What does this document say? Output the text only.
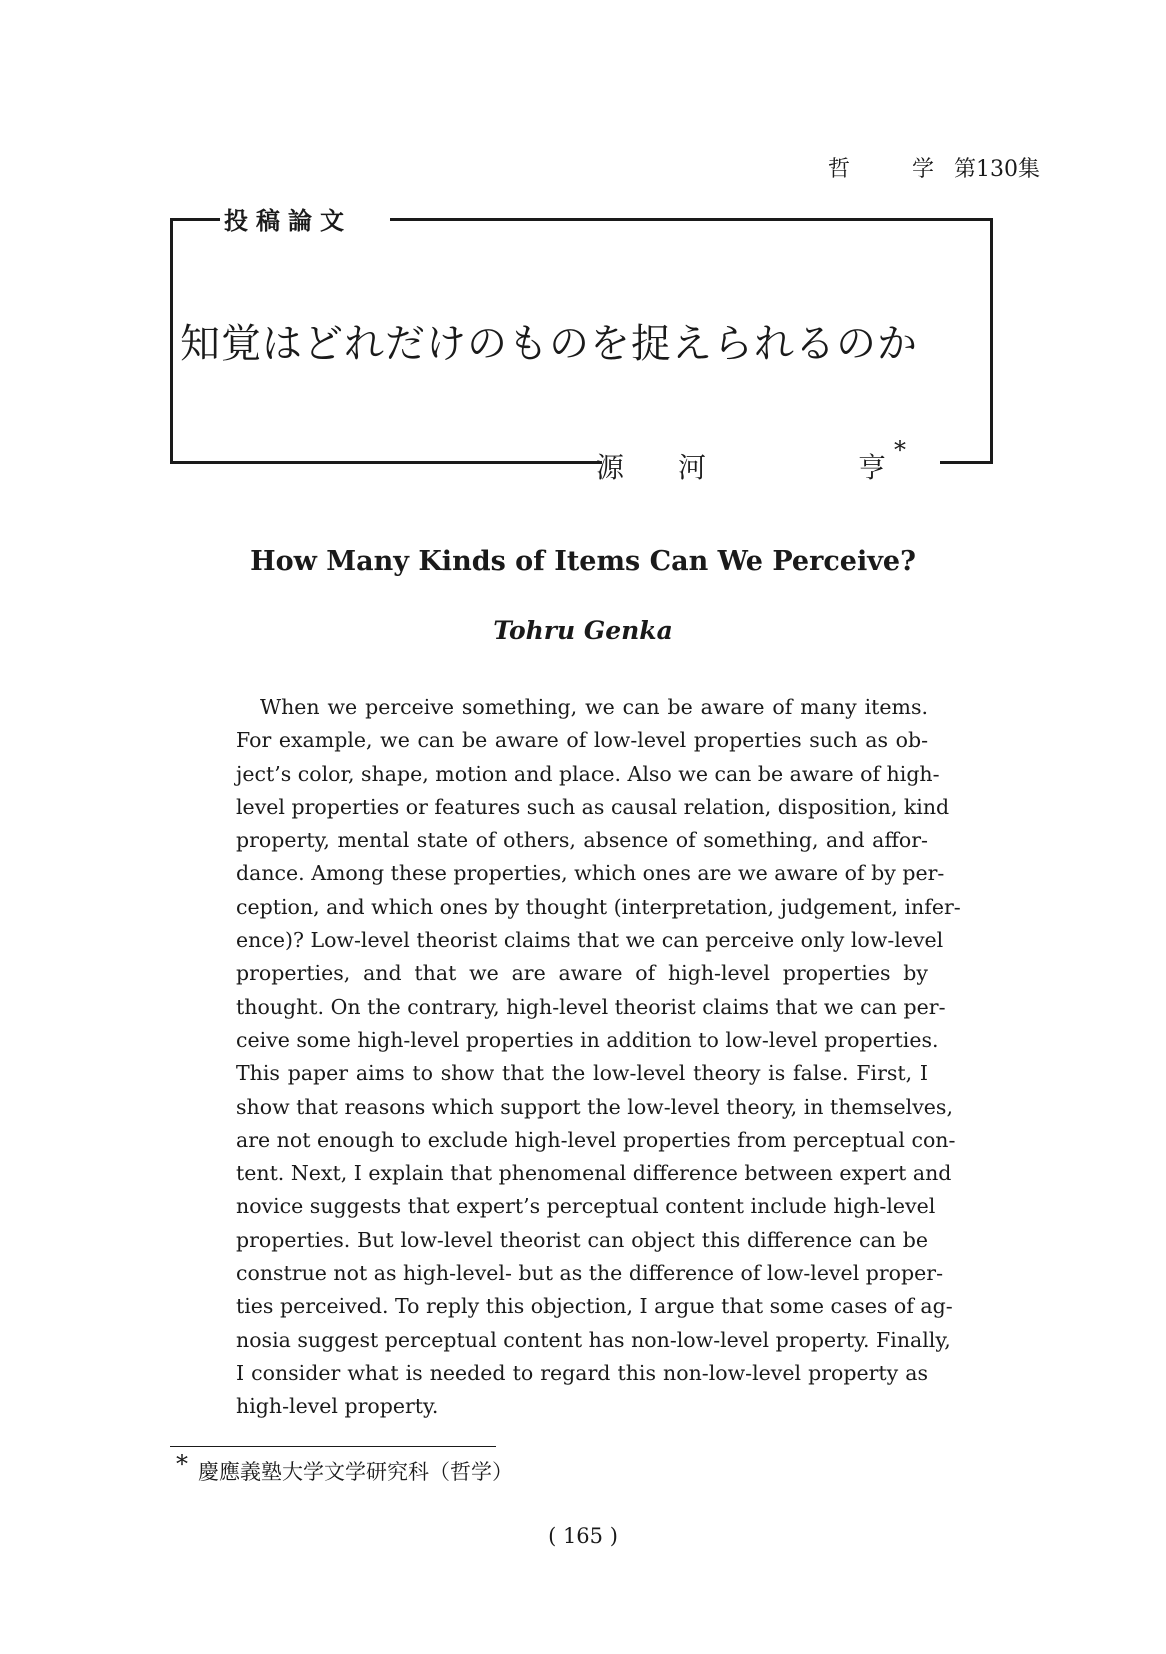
哲	学 第130集
投稿論文
知覚はどれだけのものを捉えられるのか
源 河	亨
*
How Many Kinds of Items Can We Perceive?
Tohru Genka
When we perceive something, we can be aware of many items.
For example, we can be aware of low-level properties such as ob-
ject’s color, shape, motion and place. Also we can be aware of high-
level properties or features such as causal relation, disposition, kind
property, mental state of others, absence of something, and affor-
dance. Among these properties, which ones are we aware of by per-
ception, and which ones by thought (interpretation, judgement, infer-
ence)? Low-level theorist claims that we can perceive only low-level
properties, and that we are aware of high-level properties by
thought. On the contrary, high-level theorist claims that we can per-
ceive some high-level properties in addition to low-level properties.
This paper aims to show that the low-level theory is false. First, I
show that reasons which support the low-level theory, in themselves,
are not enough to exclude high-level properties from perceptual con-
tent. Next, I explain that phenomenal difference between expert and
novice suggests that expert’s perceptual content include high-level
properties. But low-level theorist can object this difference can be
construe not as high-level- but as the difference of low-level proper-
ties perceived. To reply this objection, I argue that some cases of ag-
nosia suggest perceptual content has non-low-level property. Finally,
I consider what is needed to regard this non-low-level property as
high-level property.
* 慶應義塾大学文学研究科（哲学）
( 165 )
